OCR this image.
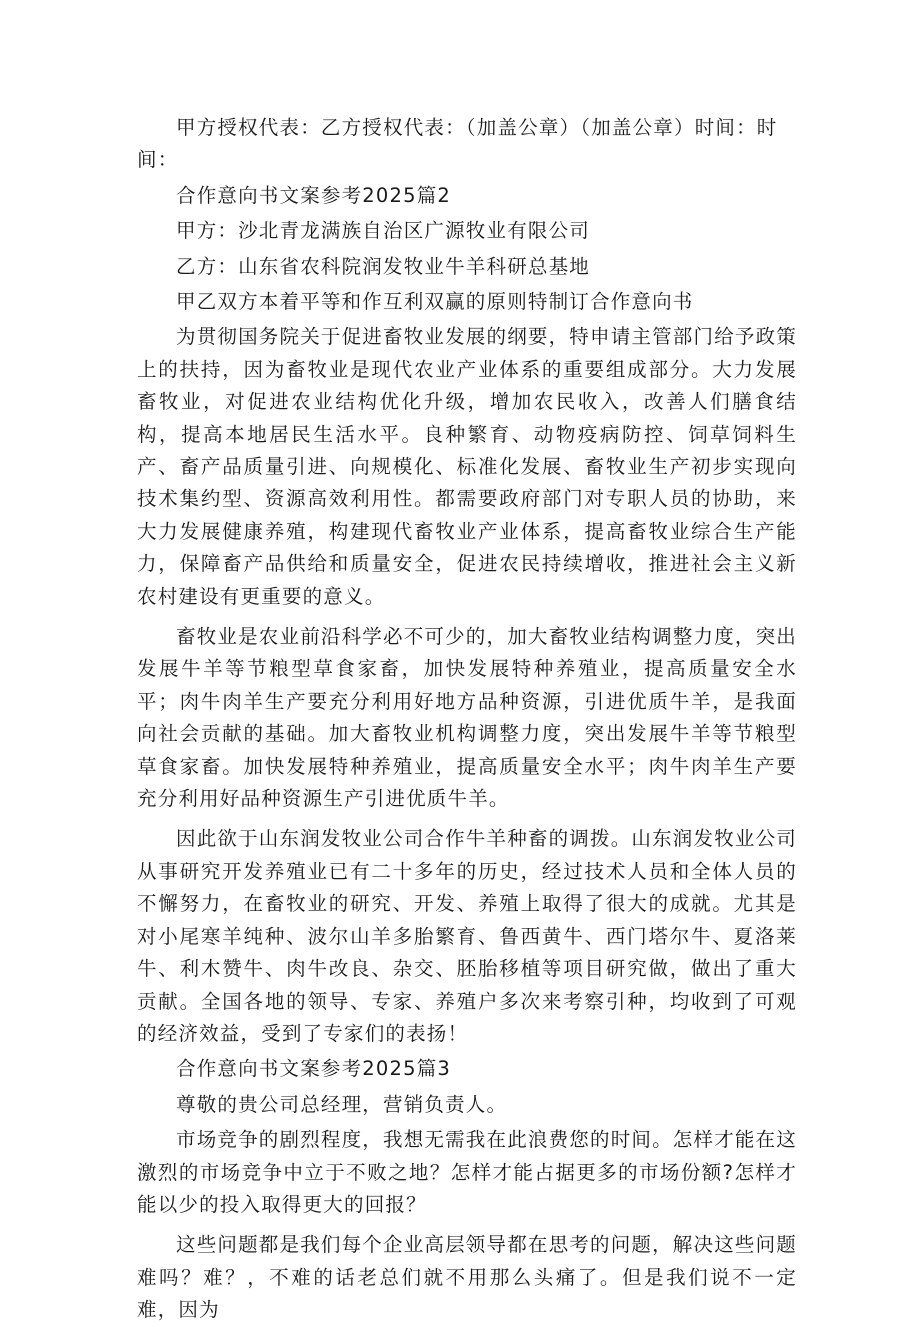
甲方授权代表：乙方授权代表：（加盖公章）（加盖公章）时间：时间：

合作意向书文案参考2025篇2

甲方：沙北青龙满族自治区广源牧业有限公司

乙方：山东省农科院润发牧业牛羊科研总基地

甲乙双方本着平等和作互利双赢的原则特制订合作意向书

为贯彻国务院关于促进畜牧业发展的纲要，特申请主管部门给予政策上的扶持，因为畜牧业是现代农业产业体系的重要组成部分。大力发展畜牧业，对促进农业结构优化升级，增加农民收入，改善人们膳食结构，提高本地居民生活水平。良种繁育、动物疫病防控、饲草饲料生产、畜产品质量引进、向规模化、标准化发展、畜牧业生产初步实现向技术集约型、资源高效利用性。都需要政府部门对专职人员的协助，来大力发展健康养殖，构建现代畜牧业产业体系，提高畜牧业综合生产能力，保障畜产品供给和质量安全，促进农民持续增收，推进社会主义新农村建设有更重要的意义。

畜牧业是农业前沿科学必不可少的，加大畜牧业结构调整力度，突出发展牛羊等节粮型草食家畜，加快发展特种养殖业，提高质量安全水平；肉牛肉羊生产要充分利用好地方品种资源，引进优质牛羊，是我面向社会贡献的基础。加大畜牧业机构调整力度，突出发展牛羊等节粮型草食家畜。加快发展特种养殖业，提高质量安全水平；肉牛肉羊生产要充分利用好品种资源生产引进优质牛羊。

因此欲于山东润发牧业公司合作牛羊种畜的调拨。山东润发牧业公司从事研究开发养殖业已有二十多年的历史，经过技术人员和全体人员的不懈努力，在畜牧业的研究、开发、养殖上取得了很大的成就。尤其是对小尾寒羊纯种、波尔山羊多胎繁育、鲁西黄牛、西门塔尔牛、夏洛莱牛、利木赞牛、肉牛改良、杂交、胚胎移植等项目研究做，做出了重大贡献。全国各地的领导、专家、养殖户多次来考察引种，均收到了可观的经济效益，受到了专家们的表扬！

合作意向书文案参考2025篇3

尊敬的贵公司总经理，营销负责人。

市场竞争的剧烈程度，我想无需我在此浪费您的时间。怎样才能在这激烈的市场竞争中立于不败之地？怎样才能占据更多的市场份额?怎样才能以少的投入取得更大的回报？

这些问题都是我们每个企业高层领导都在思考的问题，解决这些问题难吗？难？，不难的话老总们就不用那么头痛了。但是我们说不一定难，因为
